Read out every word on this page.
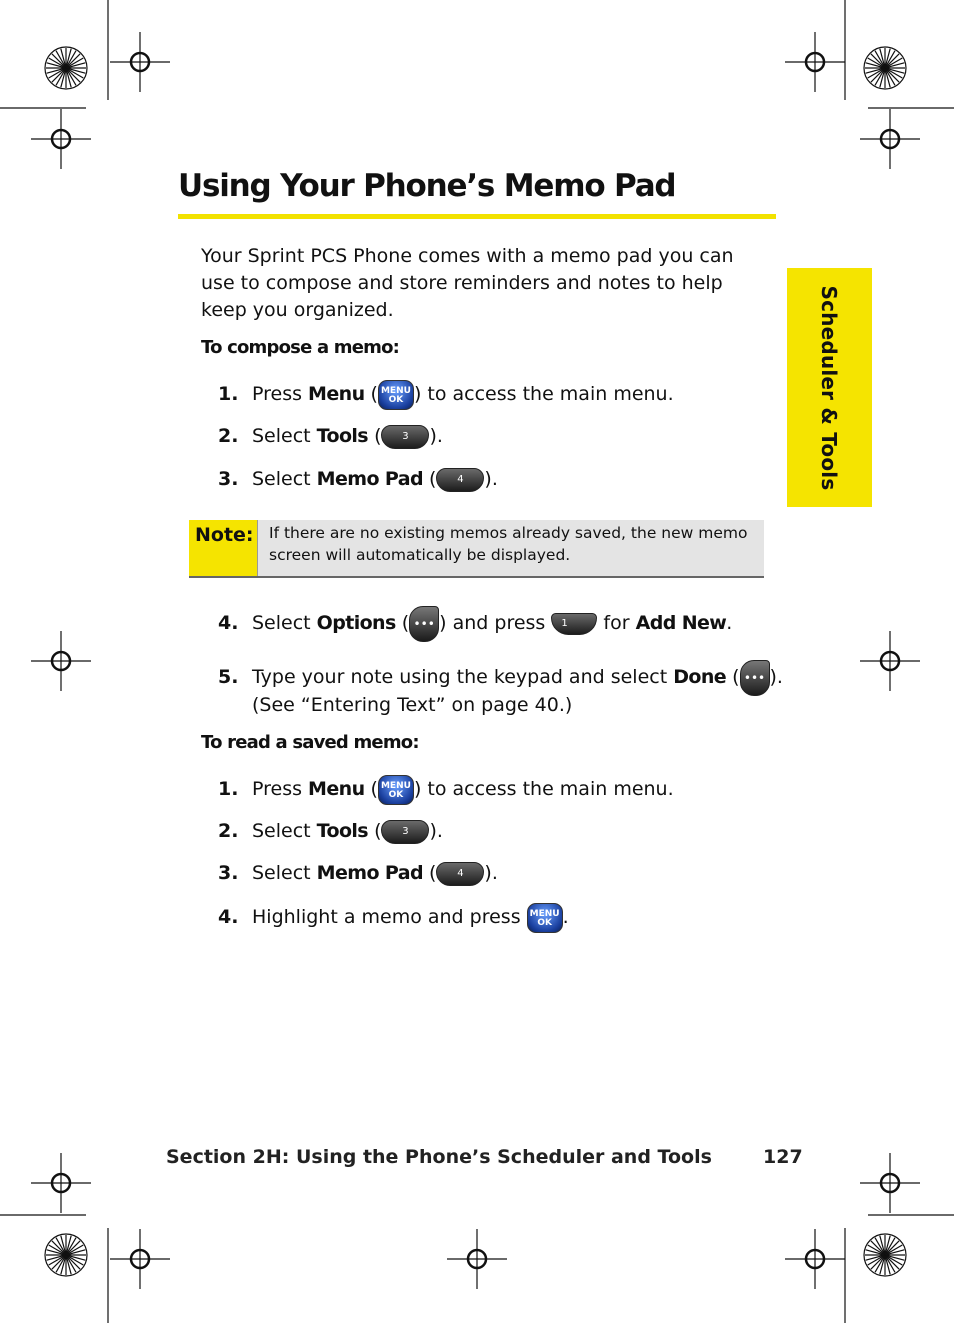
Using Your Phone’s Memo Pad
Scheduler & Tools
Your Sprint PCS Phone comes with a memo pad you can use to compose and store reminders and notes to help keep you organized.
To compose a memo:
1. Press Menu ( MENU
OK ) to access the main menu.
2. Select Tools ( 3 ).
3. Select Memo Pad ( 4 ).
Note: If there are no existing memos already saved, the new memo screen will automatically be displayed.
4. Select Options ( ••• ) and press 1 for Add New.
5. Type your note using the keypad and select Done ( ••• ).
(See “Entering Text” on page 40.)
To read a saved memo:
1. Press Menu ( MENU
OK ) to access the main menu.
2. Select Tools ( 3 ).
3. Select Memo Pad ( 4 ).
4. Highlight a memo and press MENU
OK .
Section 2H: Using the Phone’s Scheduler and Tools	127
